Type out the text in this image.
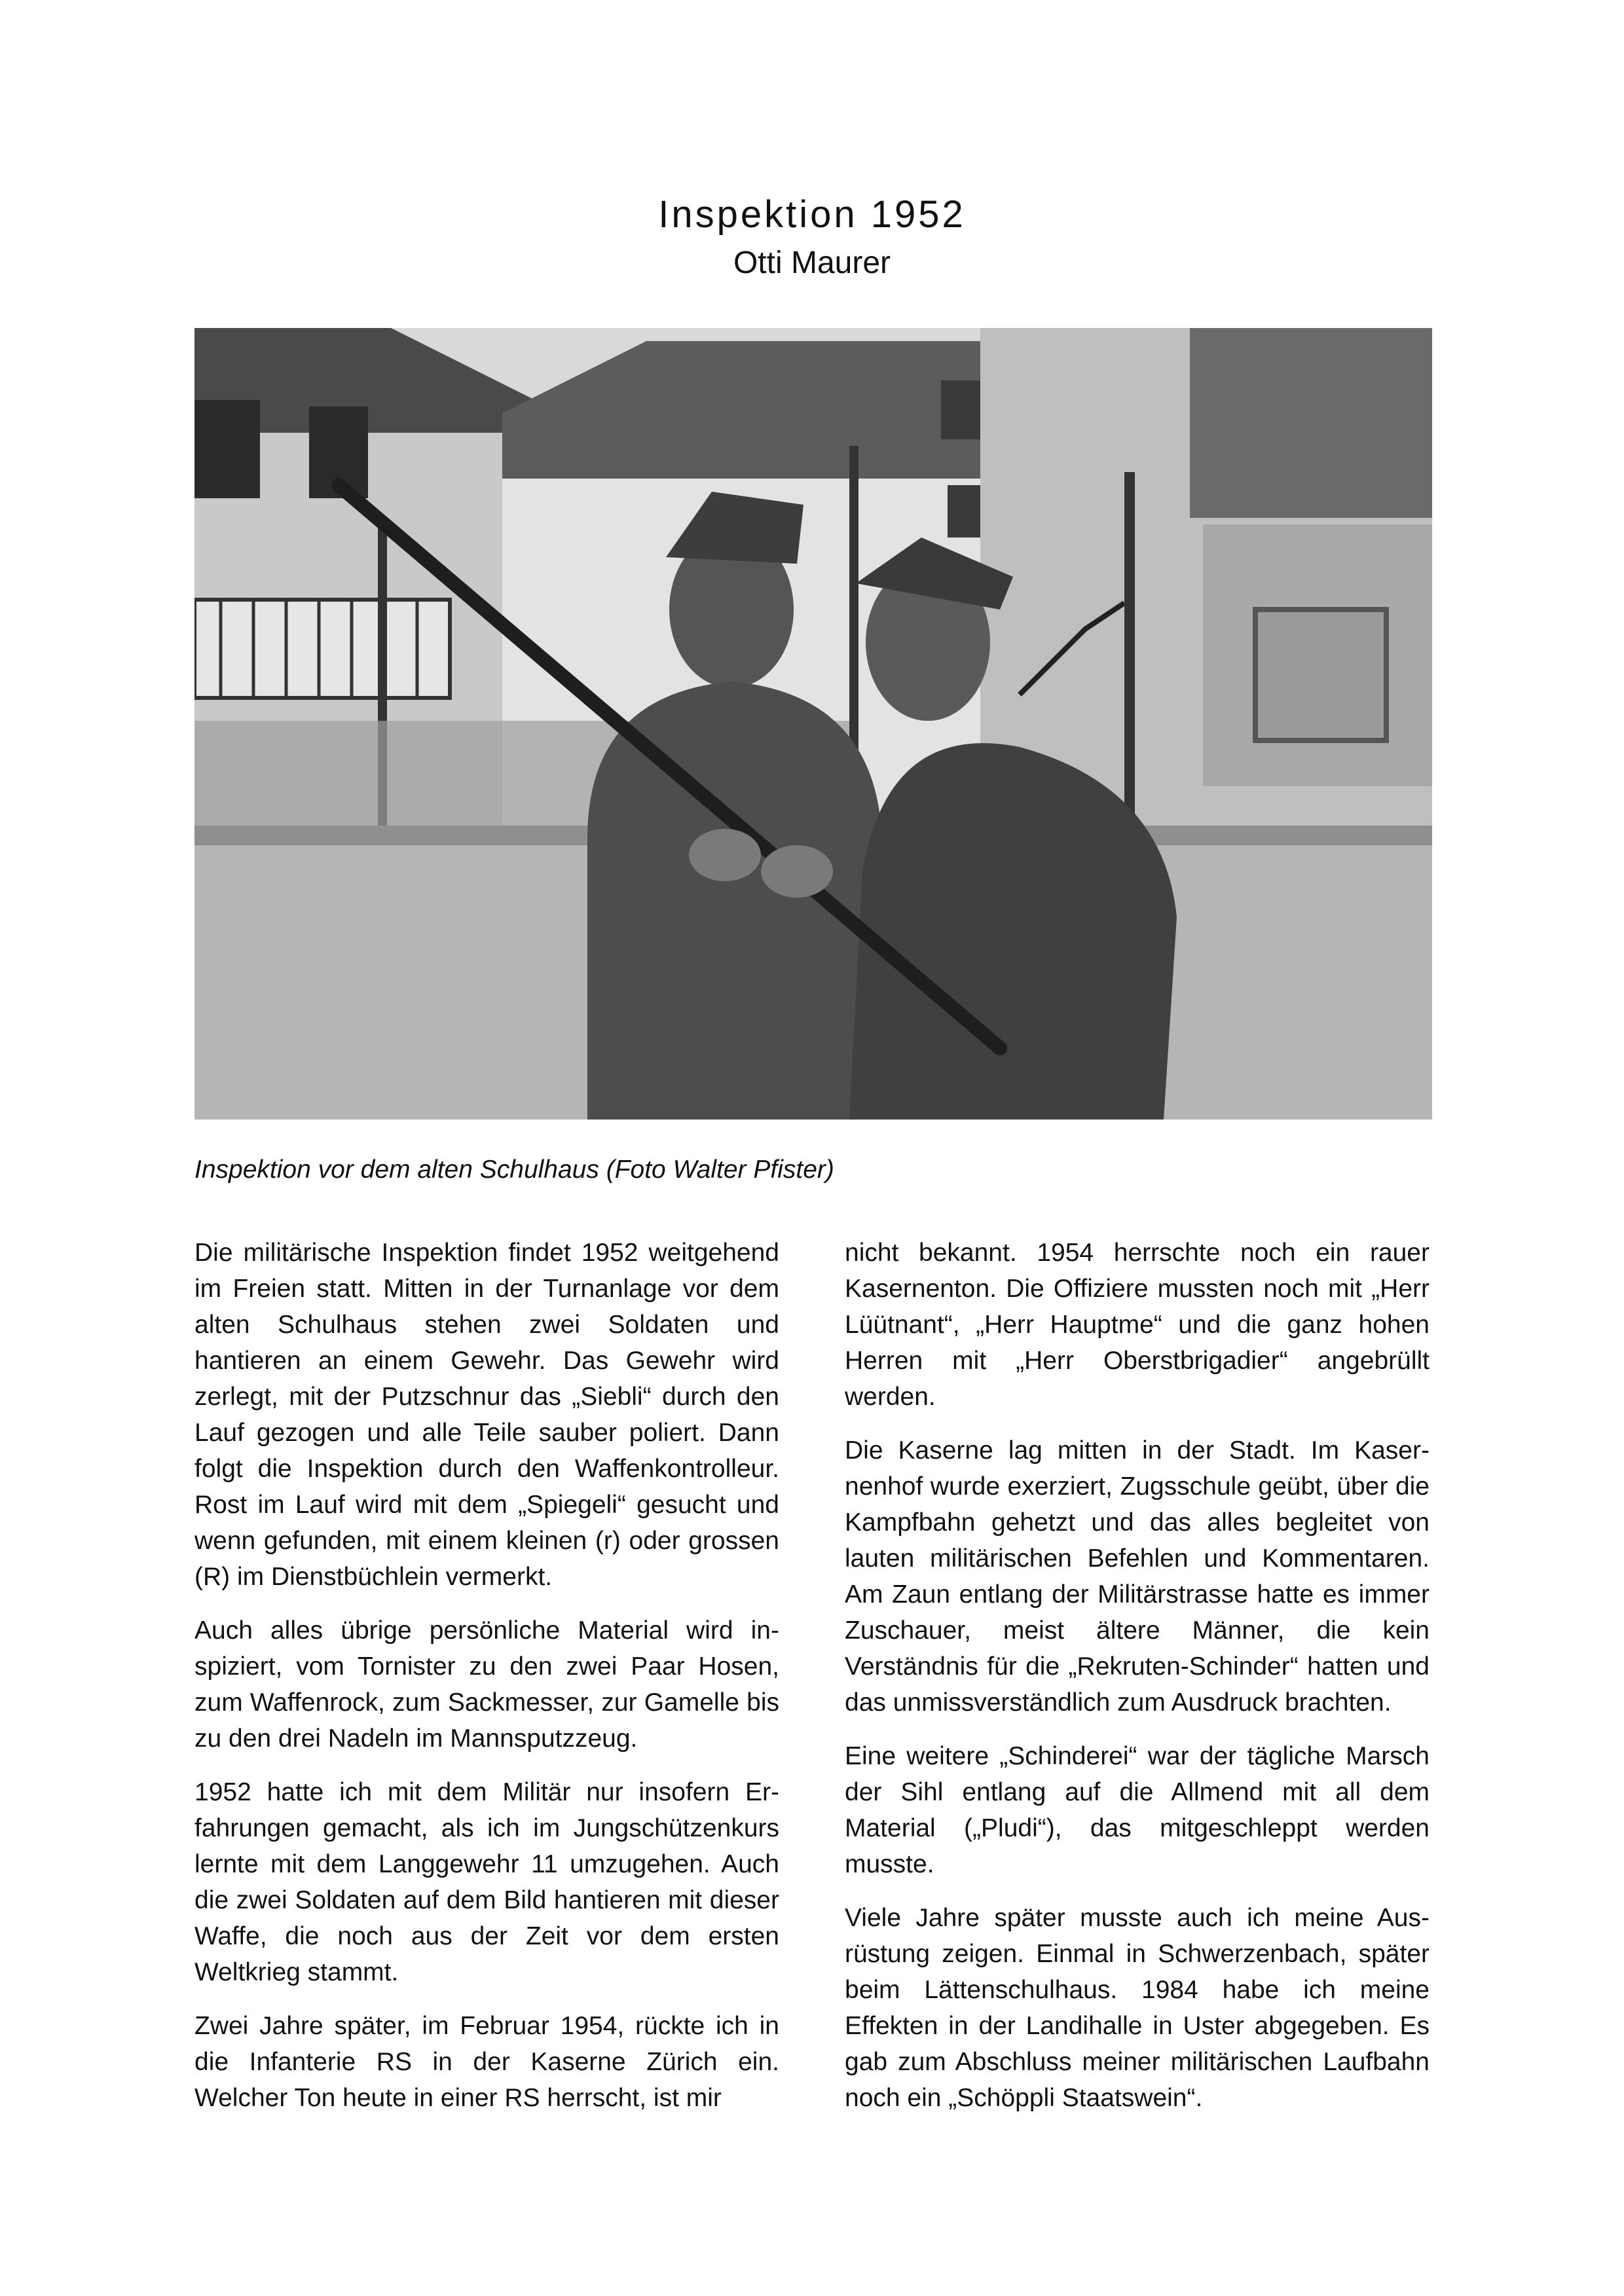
Inspektion 1952
Otti Maurer
Inspektion vor dem alten Schulhaus (Foto Walter Pfister)

Die militärische Inspektion findet 1952 weitgehend im Freien statt. Mitten in der Turnanlage vor dem alten Schulhaus stehen zwei Soldaten und hantieren an einem Gewehr. Das Gewehr wird zerlegt, mit der Putzschnur das „Siebli“ durch den Lauf gezogen und alle Teile sauber poliert. Dann folgt die Inspektion durch den Waffenkontrolleur. Rost im Lauf wird mit dem „Spiegeli“ gesucht und wenn gefunden, mit einem kleinen (r) oder grossen (R) im Dienstbüchlein vermerkt.

Auch alles übrige persönliche Material wird inspiziert, vom Tornister zu den zwei Paar Hosen, zum Waffenrock, zum Sackmesser, zur Gamelle bis zu den drei Nadeln im Mannsputzzeug.

1952 hatte ich mit dem Militär nur insofern Erfahrungen gemacht, als ich im Jungschützenkurs lernte mit dem Langgewehr 11 umzugehen. Auch die zwei Soldaten auf dem Bild hantieren mit dieser Waffe, die noch aus der Zeit vor dem ersten Weltkrieg stammt.

Zwei Jahre später, im Februar 1954, rückte ich in die Infanterie RS in der Kaserne Zürich ein. Welcher Ton heute in einer RS herrscht, ist mir

nicht bekannt. 1954 herrschte noch ein rauer Kasernenton. Die Offiziere mussten noch mit „Herr Lüütnant“, „Herr Hauptme“ und die ganz hohen Herren mit „Herr Oberstbrigadier“ angebrüllt werden.

Die Kaserne lag mitten in der Stadt. Im Kasernenhof wurde exerziert, Zugsschule geübt, über die Kampfbahn gehetzt und das alles begleitet von lauten militärischen Befehlen und Kommentaren. Am Zaun entlang der Militärstrasse hatte es immer Zuschauer, meist ältere Männer, die kein Verständnis für die „Rekruten-Schinder“ hatten und das unmissverständlich zum Ausdruck brachten.

Eine weitere „Schinderei“ war der tägliche Marsch der Sihl entlang auf die Allmend mit all dem Material („Pludi“), das mitgeschleppt werden musste.

Viele Jahre später musste auch ich meine Ausrüstung zeigen. Einmal in Schwerzenbach, später beim Lättenschulhaus. 1984 habe ich meine Effekten in der Landihalle in Uster abgegeben. Es gab zum Abschluss meiner militärischen Laufbahn noch ein „Schöppli Staatswein“.
